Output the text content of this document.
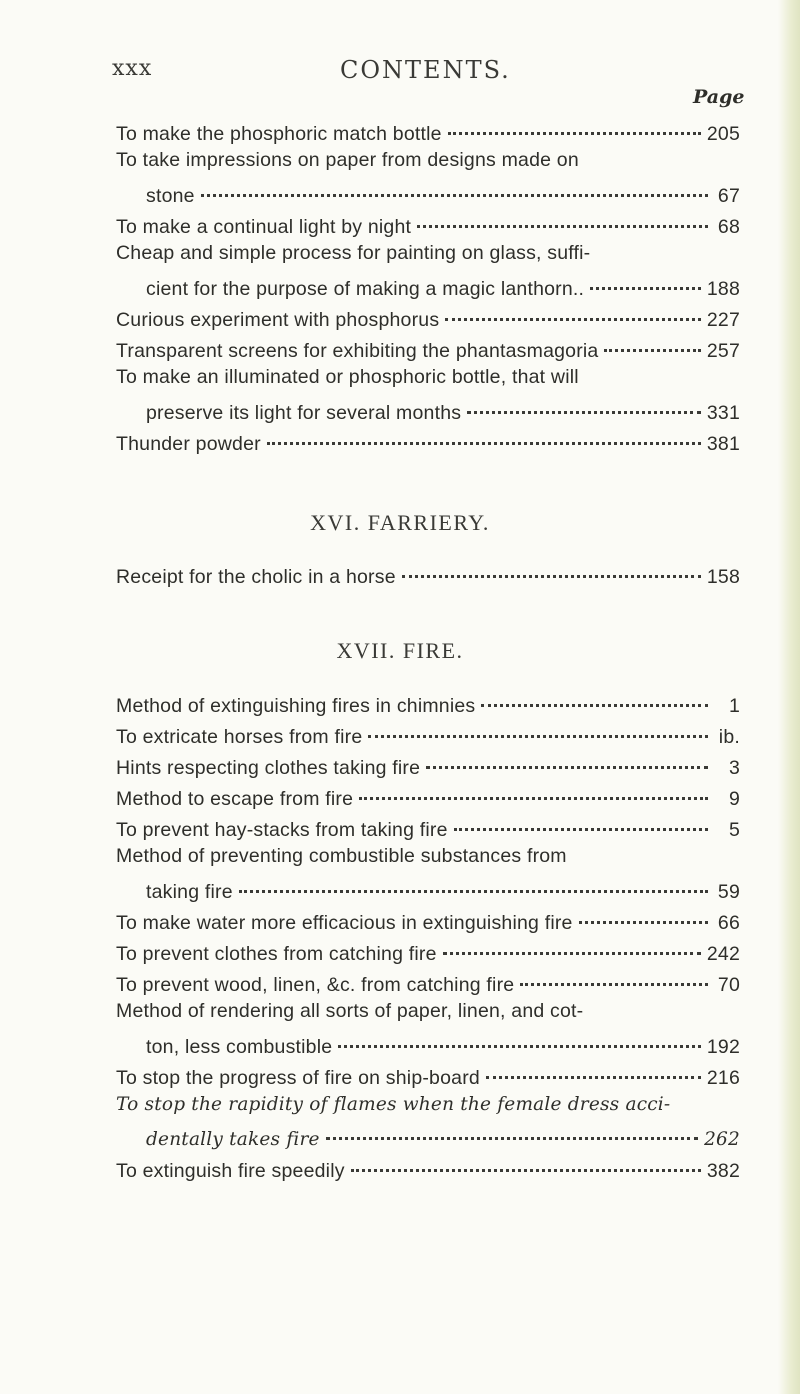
xxx	CONTENTS.
Page
XVI. FARRIERY.
XVII. FIRE.
To make the phosphoric match bottle	205
To take impressions on paper from designs made on
stone	67
To make a continual light by night	68
Cheap and simple process for painting on glass, suffi-
cient for the purpose of making a magic lanthorn..	188
Curious experiment with phosphorus	227
Transparent screens for exhibiting the phantasmagoria	257
To make an illuminated or phosphoric bottle, that will
preserve its light for several months	331
Thunder powder	381
Receipt for the cholic in a horse	158
Method of extinguishing fires in chimnies	1
To extricate horses from fire	ib.
Hints respecting clothes taking fire	3
Method to escape from fire	9
To prevent hay-stacks from taking fire	5
Method of preventing combustible substances from
taking fire	59
To make water more efficacious in extinguishing fire	66
To prevent clothes from catching fire	242
To prevent wood, linen, &c. from catching fire	70
Method of rendering all sorts of paper, linen, and cot-
ton, less combustible	192
To stop the progress of fire on ship-board	216
To stop the rapidity of flames when the female dress acci-
dentally takes fire	262
To extinguish fire speedily	382
